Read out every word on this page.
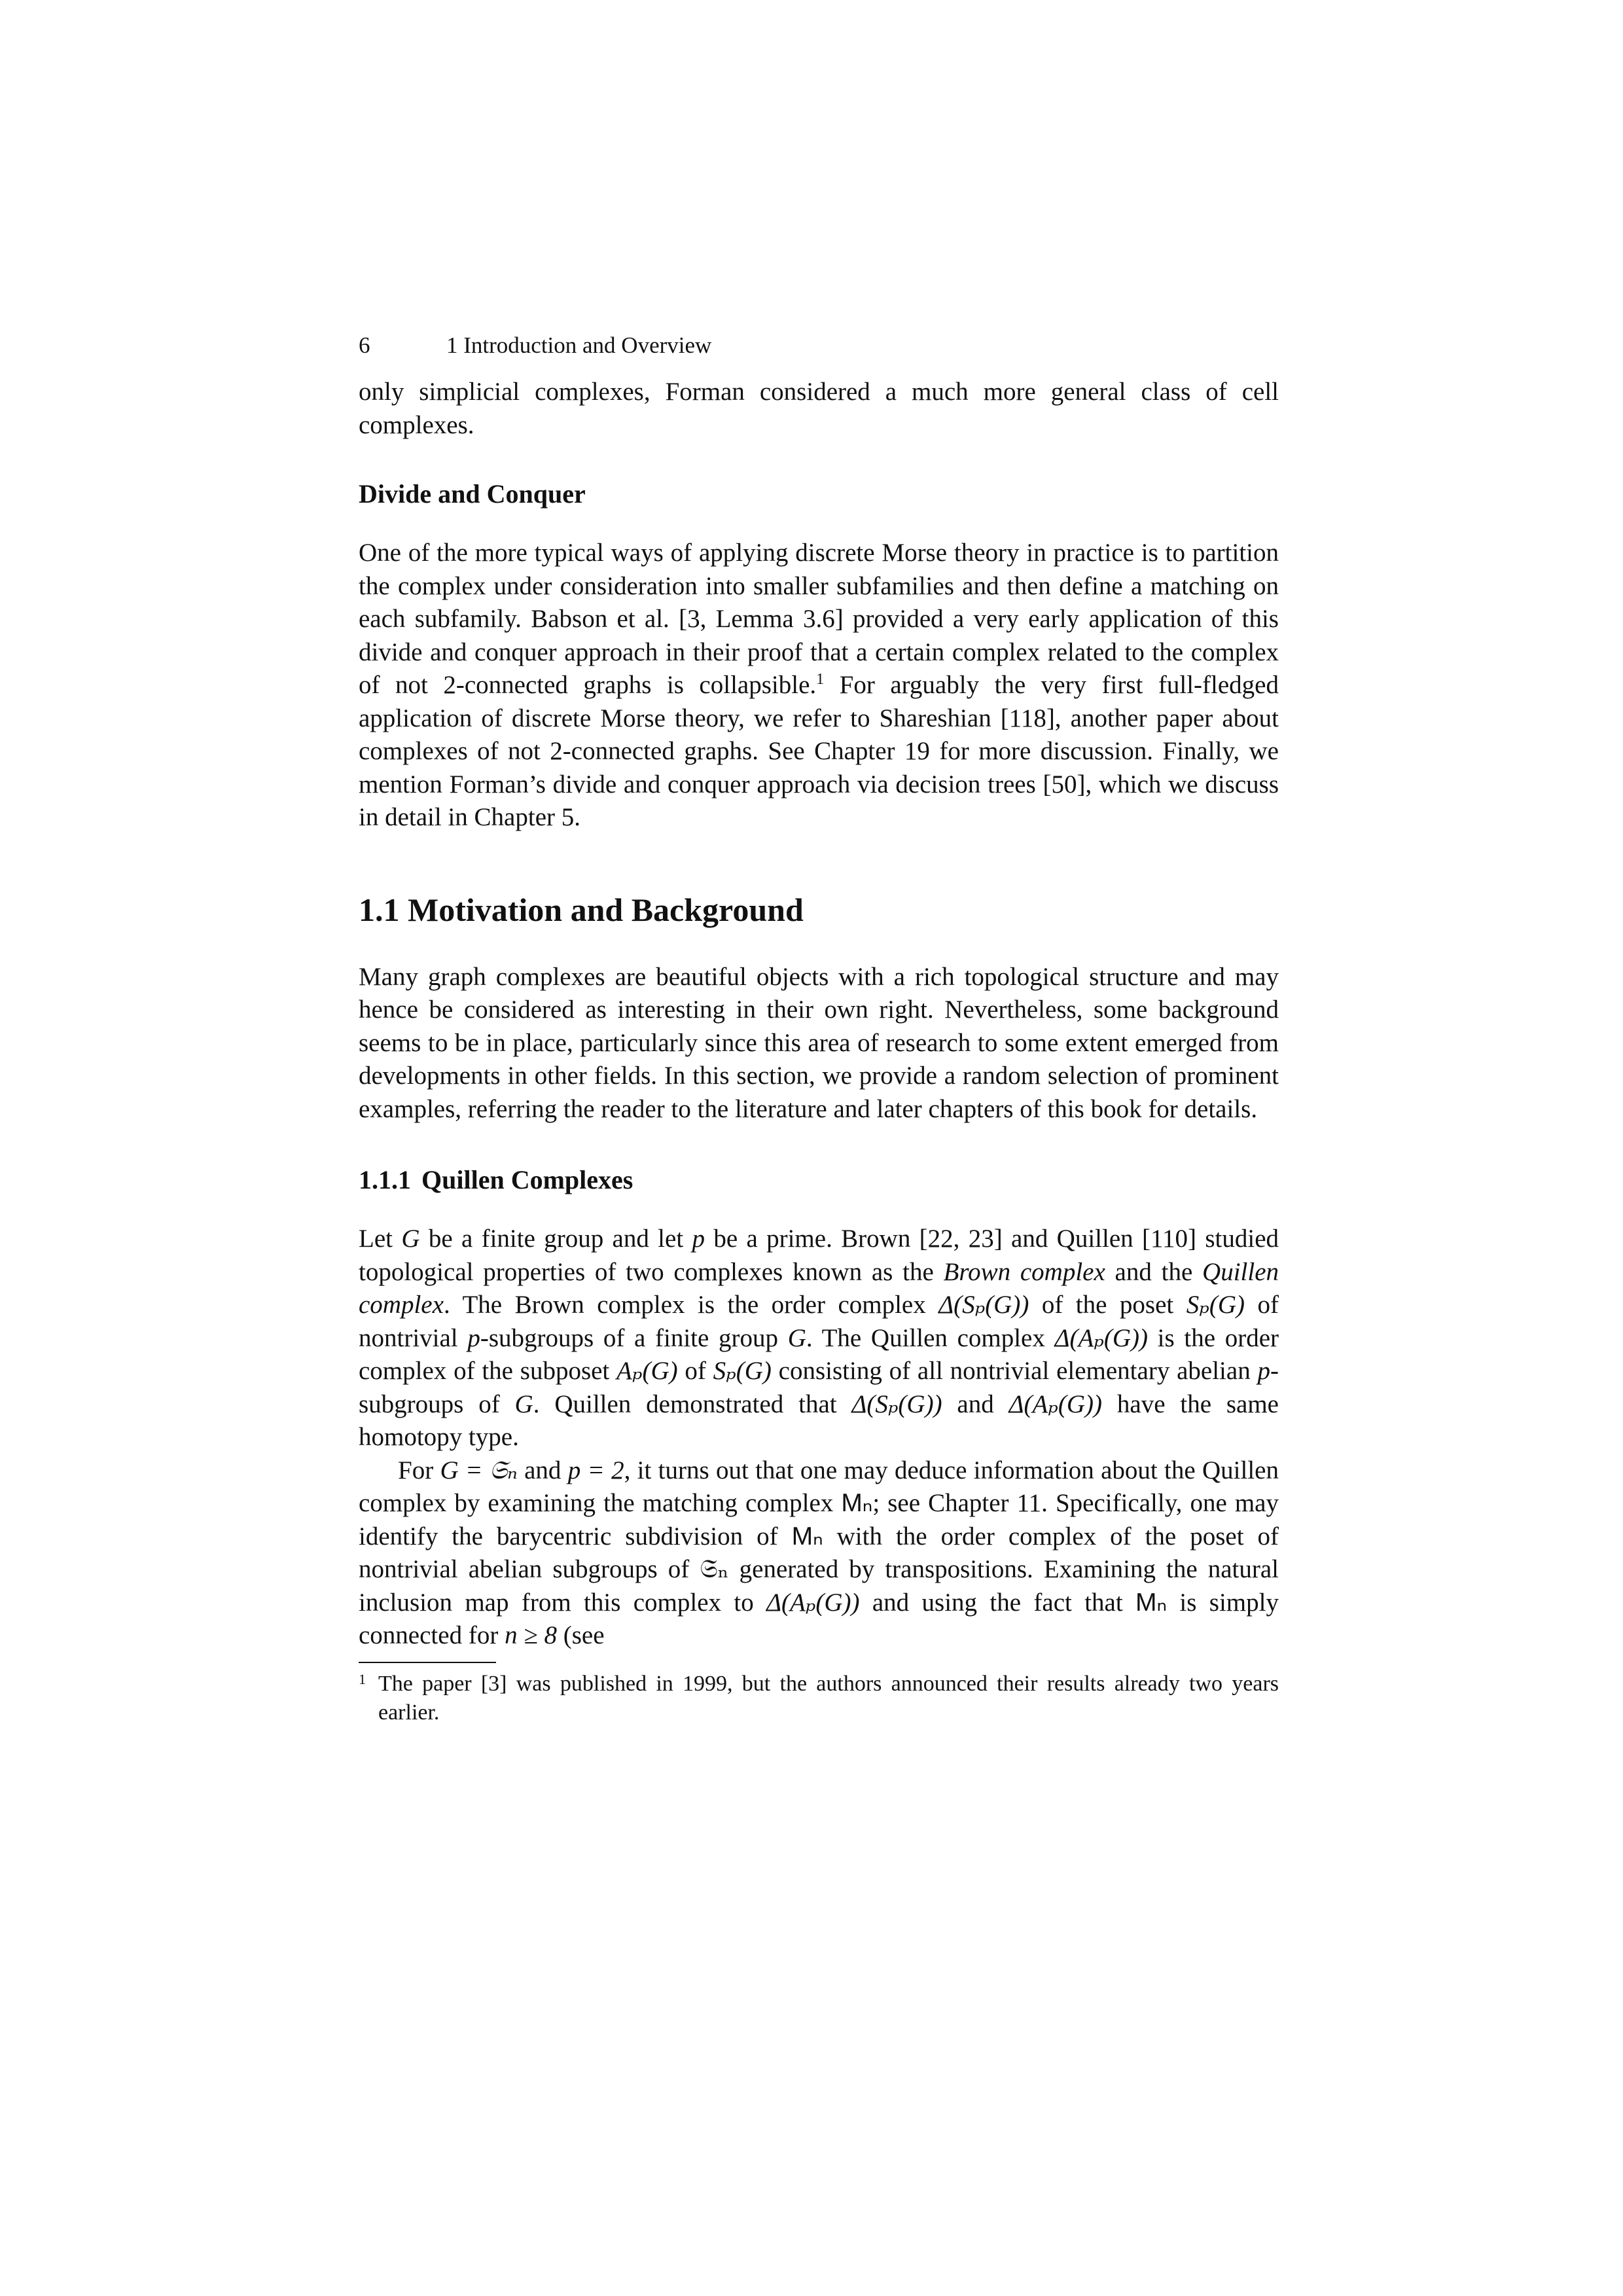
6	1 Introduction and Overview

only simplicial complexes, Forman considered a much more general class of cell complexes.

Divide and Conquer

One of the more typical ways of applying discrete Morse theory in practice is to partition the complex under consideration into smaller subfamilies and then define a matching on each subfamily. Babson et al. [3, Lemma 3.6] provided a very early application of this divide and conquer approach in their proof that a certain complex related to the complex of not 2-connected graphs is collapsible.$^1$ For arguably the very first full-fledged application of discrete Morse theory, we refer to Shareshian [118], another paper about complexes of not 2-connected graphs. See Chapter 19 for more discussion. Finally, we mention Forman’s divide and conquer approach via decision trees [50], which we discuss in detail in Chapter 5.

1.1 Motivation and Background

Many graph complexes are beautiful objects with a rich topological structure and may hence be considered as interesting in their own right. Nevertheless, some background seems to be in place, particularly since this area of research to some extent emerged from developments in other fields. In this section, we provide a random selection of prominent examples, referring the reader to the literature and later chapters of this book for details.

1.1.1 Quillen Complexes

Let G be a finite group and let p be a prime. Brown [22, 23] and Quillen [110] studied topological properties of two complexes known as the Brown complex and the Quillen complex. The Brown complex is the order complex Δ(Sₚ(G)) of the poset Sₚ(G) of nontrivial p-subgroups of a finite group G. The Quillen complex Δ(Aₚ(G)) is the order complex of the subposet Aₚ(G) of Sₚ(G) consisting of all nontrivial elementary abelian p-subgroups of G. Quillen demonstrated that Δ(Sₚ(G)) and Δ(Aₚ(G)) have the same homotopy type.

For G = 𝔖ₙ and p = 2, it turns out that one may deduce information about the Quillen complex by examining the matching complex Mₙ; see Chapter 11. Specifically, one may identify the barycentric subdivision of Mₙ with the order complex of the poset of nontrivial abelian subgroups of 𝔖ₙ generated by transpositions. Examining the natural inclusion map from this complex to Δ(Aₚ(G)) and using the fact that Mₙ is simply connected for n ≥ 8 (see

1 The paper [3] was published in 1999, but the authors announced their results already two years earlier.
